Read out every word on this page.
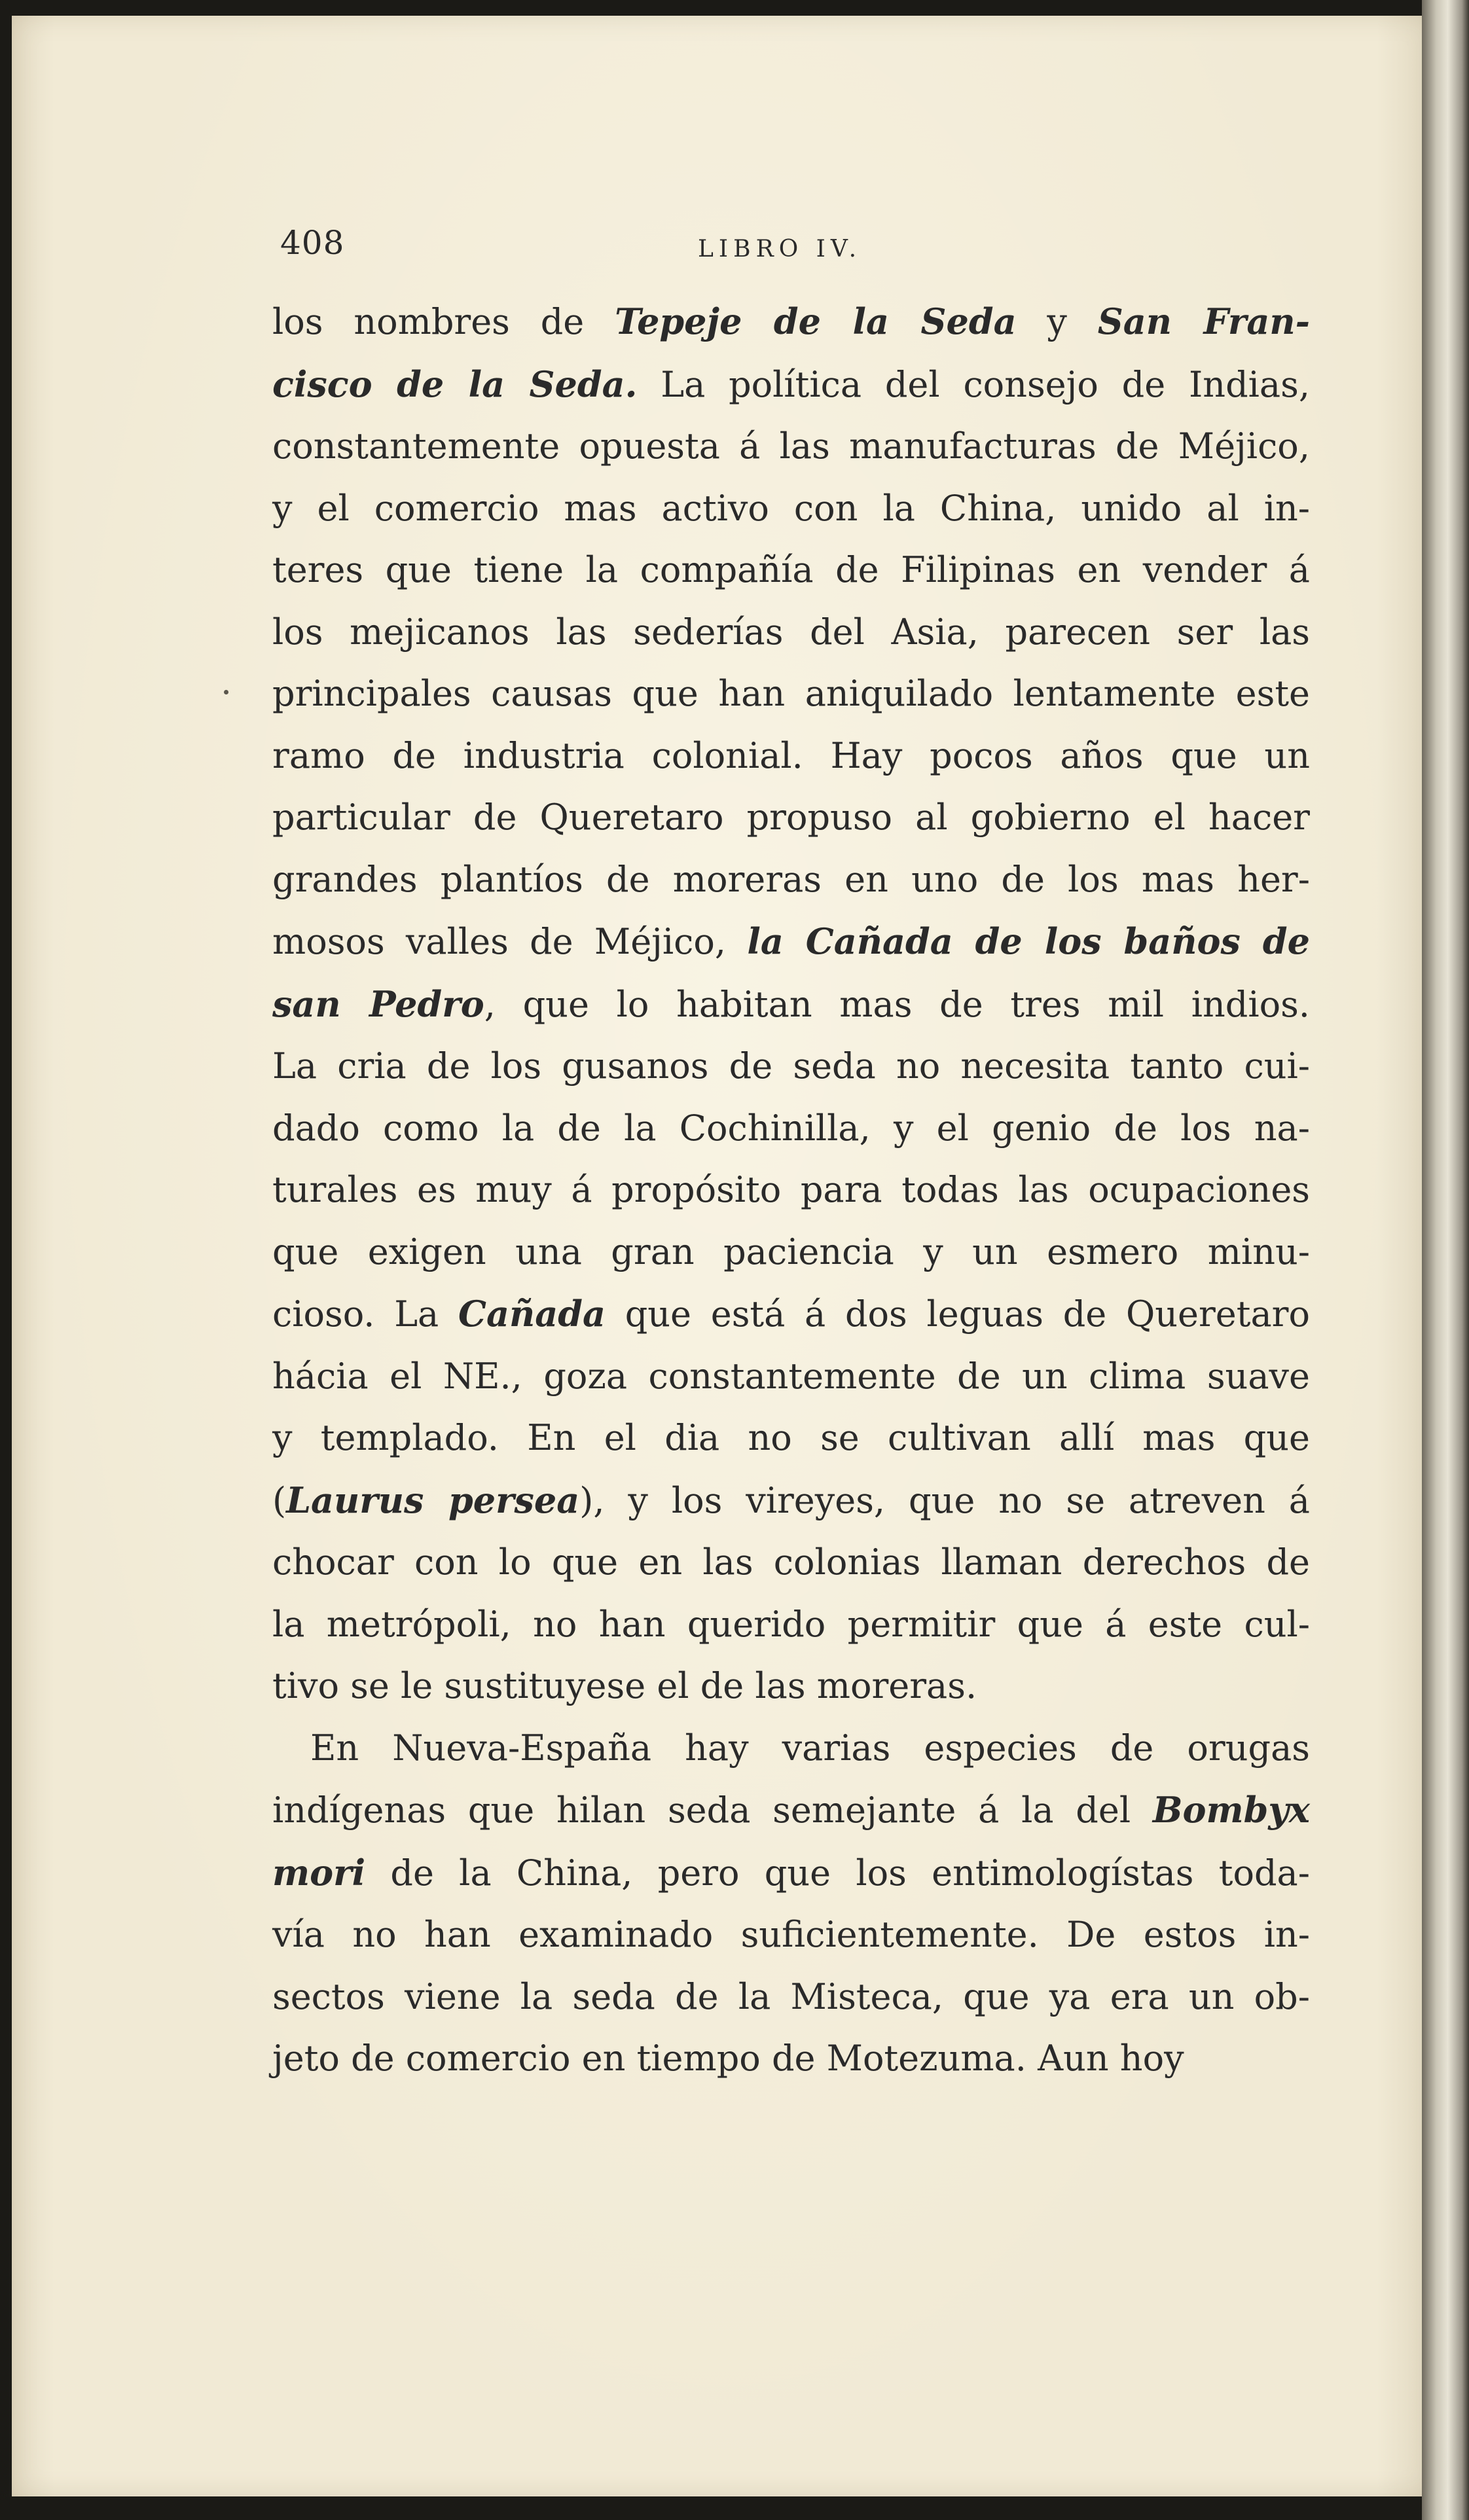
408	LIBRO IV.

los nombres de Tepeje de la Seda y San Fran-
cisco de la Seda. La política del consejo de Indias,
constantemente opuesta á las manufacturas de Méjico,
y el comercio mas activo con la China, unido al in-
teres que tiene la compañía de Filipinas en vender á
los mejicanos las sederías del Asia, parecen ser las
principales causas que han aniquilado lentamente este
ramo de industria colonial. Hay pocos años que un
particular de Queretaro propuso al gobierno el hacer
grandes plantíos de moreras en uno de los mas her-
mosos valles de Méjico, la Cañada de los baños de
san Pedro, que lo habitan mas de tres mil indios.
La cria de los gusanos de seda no necesita tanto cui-
dado como la de la Cochinilla, y el genio de los na-
turales es muy á propósito para todas las ocupaciones
que exigen una gran paciencia y un esmero minu-
cioso. La Cañada que está á dos leguas de Queretaro
hácia el NE., goza constantemente de un clima suave
y templado. En el dia no se cultivan allí mas que
(Laurus persea), y los vireyes, que no se atreven á
chocar con lo que en las colonias llaman derechos de
la metrópoli, no han querido permitir que á este cul-
tivo se le sustituyese el de las moreras.

En Nueva-España hay varias especies de orugas
indígenas que hilan seda semejante á la del Bombyx
mori de la China, pero que los entimologístas toda-
vía no han examinado suficientemente. De estos in-
sectos viene la seda de la Misteca, que ya era un ob-
jeto de comercio en tiempo de Motezuma. Aun hoy
